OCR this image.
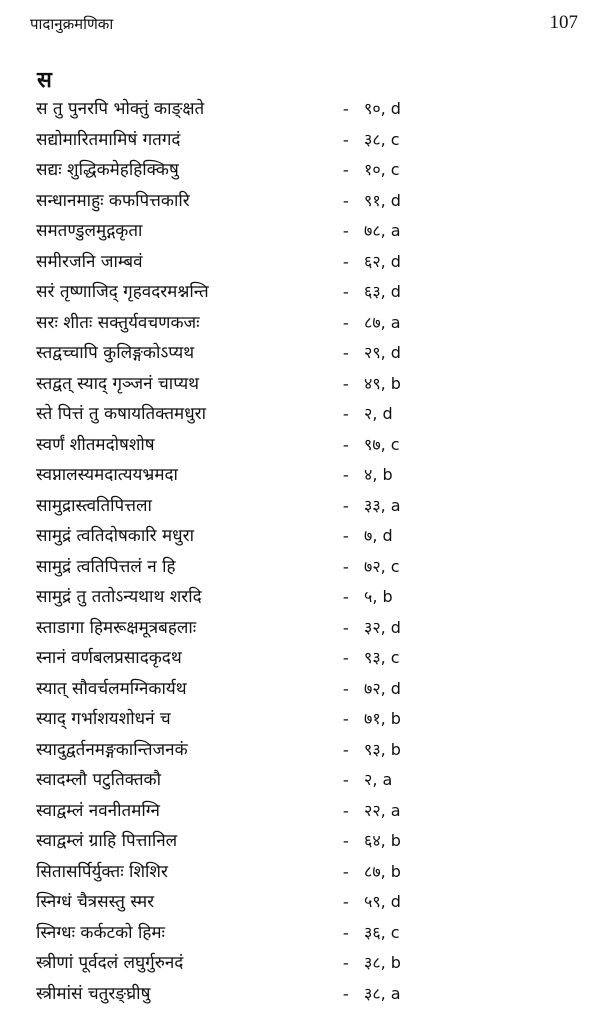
पादानुक्रमणिका	107
स
स तु पुनरपि भोक्तुं काङ्क्षते	- ९०, d
सद्योमारितमामिषं गतगदं	- ३८, c
सद्यः शुद्धिकमेहहिक्किषु	- १०, c
सन्धानमाहुः कफपित्तकारि	- ९१, d
समतण्डुलमुद्गकृता	- ७८, a
समीरजनि जाम्बवं	- ६२, d
सरं तृष्णाजिद् गृहवदरमश्नन्ति	- ६३, d
सरः शीतः सक्तुर्यवचणकजः	- ८७, a
स्तद्वच्चापि कुलिङ्गकोऽप्यथ	- २९, d
स्तद्वत् स्याद् गृञ्जनं चाप्यथ	- ४९, b
स्ते पित्तं तु कषायतिक्तमधुरा	- २, d
स्वर्णं शीतमदोषशोष	- ९७, c
स्वप्नालस्यमदात्ययभ्रमदा	- ४, b
सामुद्रास्त्वतिपित्तला	- ३३, a
सामुद्रं त्वतिदोषकारि मधुरा	- ७, d
सामुद्रं त्वतिपित्तलं न हि	- ७२, c
सामुद्रं तु ततोऽन्यथाथ शरदि	- ५, b
स्ताडागा हिमरूक्षमूत्रबहलाः	- ३२, d
स्नानं वर्णबलप्रसादकृदथ	- ९३, c
स्यात् सौवर्चलमग्निकार्यथ	- ७२, d
स्याद् गर्भाशयशोधनं च	- ७१, b
स्यादुद्वर्तनमङ्गकान्तिजनकं	- ९३, b
स्वादम्लौ पटुतिक्तकौ	- २, a
स्वाद्वम्लं नवनीतमग्नि	- २२, a
स्वाद्वम्लं ग्राहि पित्तानिल	- ६४, b
सितासर्पिर्युक्तः शिशिर	- ८७, b
स्निग्धं चैत्रसस्तु स्मर	- ५९, d
स्निग्धः कर्कटको हिमः	- ३६, c
स्त्रीणां पूर्वदलं लघुर्गुरुनदं	- ३८, b
स्त्रीमांसं चतुरङ्घ्रीषु	- ३८, a
